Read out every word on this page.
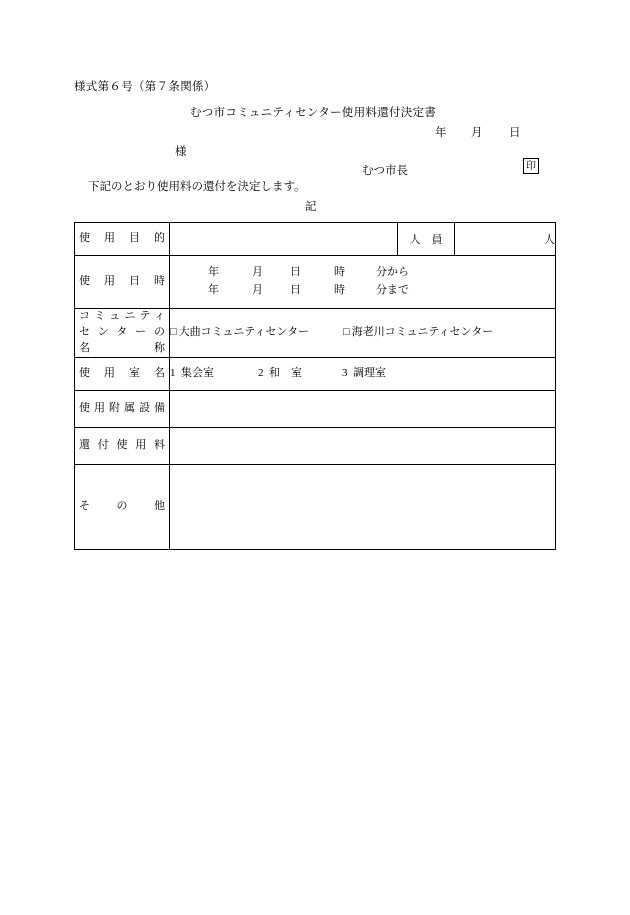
様式第６号（第７条関係）
むつ市コミュニティセンター使用料還付決定書
年 月 日
様
むつ市長	印
下記のとおり使用料の還付を決定します。
記
使用目的		人　員	人

使用日時	年 月 日 時 分から
年 月 日 時 分まで		

コミュニティ
センターの
名　　　称	□ 大曲コミュニティセンター □ 海老川コミュニティセンター		

使用室名	1 集会室 2 和　室 3 調理室		

使用附属設備			

還付使用料			

そ　　の　　他			
